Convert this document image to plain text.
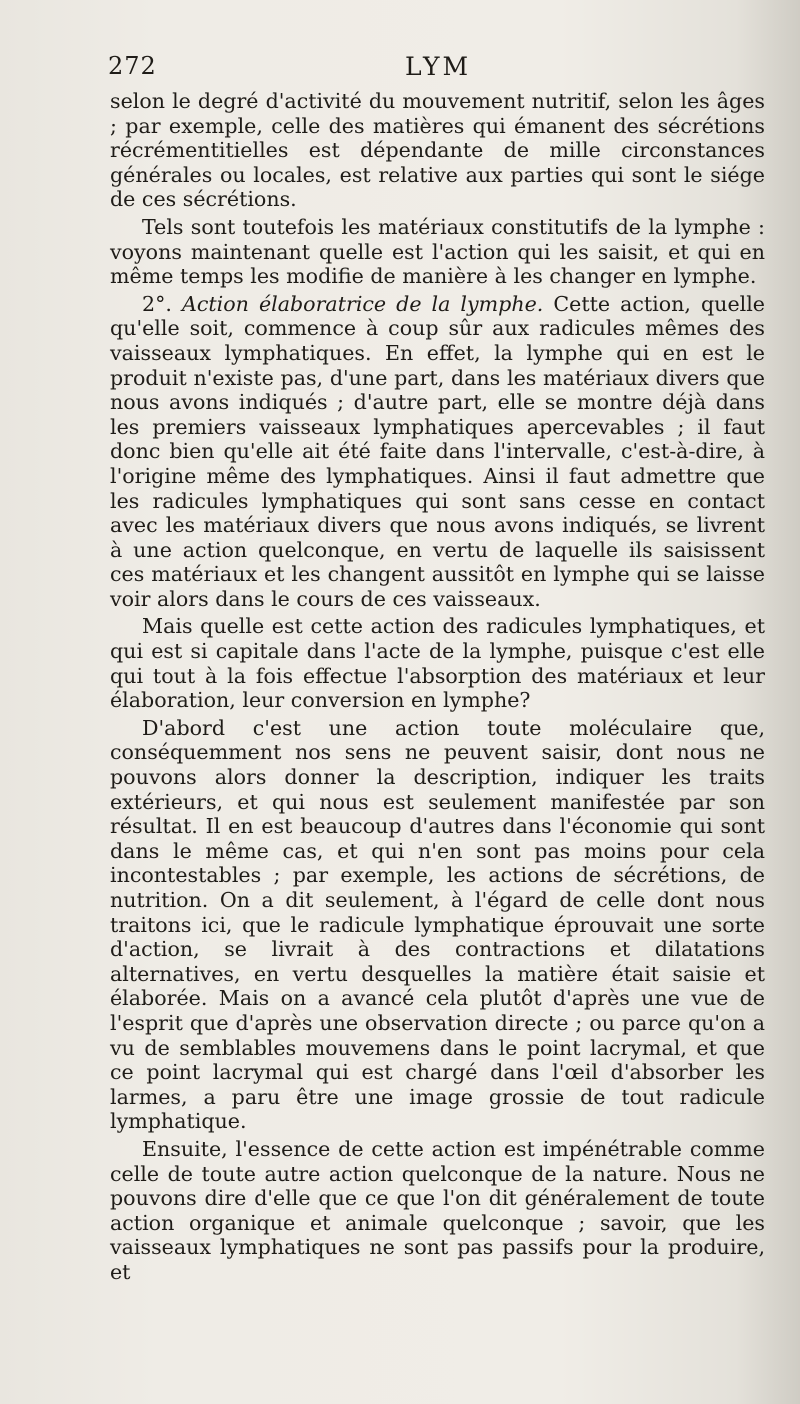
272	LYM

selon le degré d'activité du mouvement nutritif, selon les âges ; par exemple, celle des matières qui émanent des sécrétions récrémentitielles est dépendante de mille circonstances générales ou locales, est relative aux parties qui sont le siége de ces sécrétions.

Tels sont toutefois les matériaux constitutifs de la lymphe : voyons maintenant quelle est l'action qui les saisit, et qui en même temps les modifie de manière à les changer en lymphe.

2°. Action élaboratrice de la lymphe. Cette action, quelle qu'elle soit, commence à coup sûr aux radicules mêmes des vaisseaux lymphatiques. En effet, la lymphe qui en est le produit n'existe pas, d'une part, dans les matériaux divers que nous avons indiqués ; d'autre part, elle se montre déjà dans les premiers vaisseaux lymphatiques apercevables ; il faut donc bien qu'elle ait été faite dans l'intervalle, c'est-à-dire, à l'origine même des lymphatiques. Ainsi il faut admettre que les radicules lymphatiques qui sont sans cesse en contact avec les matériaux divers que nous avons indiqués, se livrent à une action quelconque, en vertu de laquelle ils saisissent ces matériaux et les changent aussitôt en lymphe qui se laisse voir alors dans le cours de ces vaisseaux.

Mais quelle est cette action des radicules lymphatiques, et qui est si capitale dans l'acte de la lymphe, puisque c'est elle qui tout à la fois effectue l'absorption des matériaux et leur élaboration, leur conversion en lymphe?

D'abord c'est une action toute moléculaire que, conséquemment nos sens ne peuvent saisir, dont nous ne pouvons alors donner la description, indiquer les traits extérieurs, et qui nous est seulement manifestée par son résultat. Il en est beaucoup d'autres dans l'économie qui sont dans le même cas, et qui n'en sont pas moins pour cela incontestables ; par exemple, les actions de sécrétions, de nutrition. On a dit seulement, à l'égard de celle dont nous traitons ici, que le radicule lymphatique éprouvait une sorte d'action, se livrait à des contractions et dilatations alternatives, en vertu desquelles la matière était saisie et élaborée. Mais on a avancé cela plutôt d'après une vue de l'esprit que d'après une observation directe ; ou parce qu'on a vu de semblables mouvemens dans le point lacrymal, et que ce point lacrymal qui est chargé dans l'œil d'absorber les larmes, a paru être une image grossie de tout radicule lymphatique.

Ensuite, l'essence de cette action est impénétrable comme celle de toute autre action quelconque de la nature. Nous ne pouvons dire d'elle que ce que l'on dit généralement de toute action organique et animale quelconque ; savoir, que les vaisseaux lymphatiques ne sont pas passifs pour la produire, et
